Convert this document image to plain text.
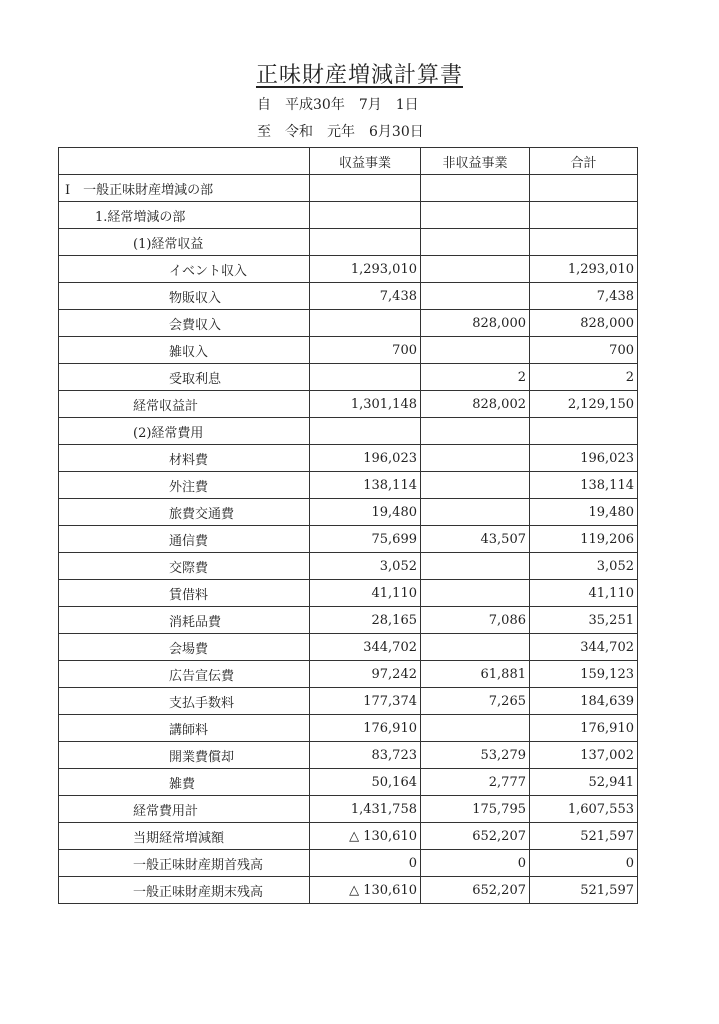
正味財産増減計算書
自　平成30年　7月　1日
至　令和　元年　6月30日
	収益事業	非収益事業	合計
Ⅰ　一般正味財産増減の部			
1.経常増減の部			
(1)経常収益			
イベント収入	1,293,010		1,293,010
物販収入	7,438		7,438
会費収入		828,000	828,000
雑収入	700		700
受取利息		2	2
経常収益計	1,301,148	828,002	2,129,150
(2)経常費用			
材料費	196,023		196,023
外注費	138,114		138,114
旅費交通費	19,480		19,480
通信費	75,699	43,507	119,206
交際費	3,052		3,052
賃借料	41,110		41,110
消耗品費	28,165	7,086	35,251
会場費	344,702		344,702
広告宣伝費	97,242	61,881	159,123
支払手数料	177,374	7,265	184,639
講師料	176,910		176,910
開業費償却	83,723	53,279	137,002
雑費	50,164	2,777	52,941
経常費用計	1,431,758	175,795	1,607,553
当期経常増減額	△ 130,610	652,207	521,597
一般正味財産期首残高	0	0	0
一般正味財産期末残高	△ 130,610	652,207	521,597
